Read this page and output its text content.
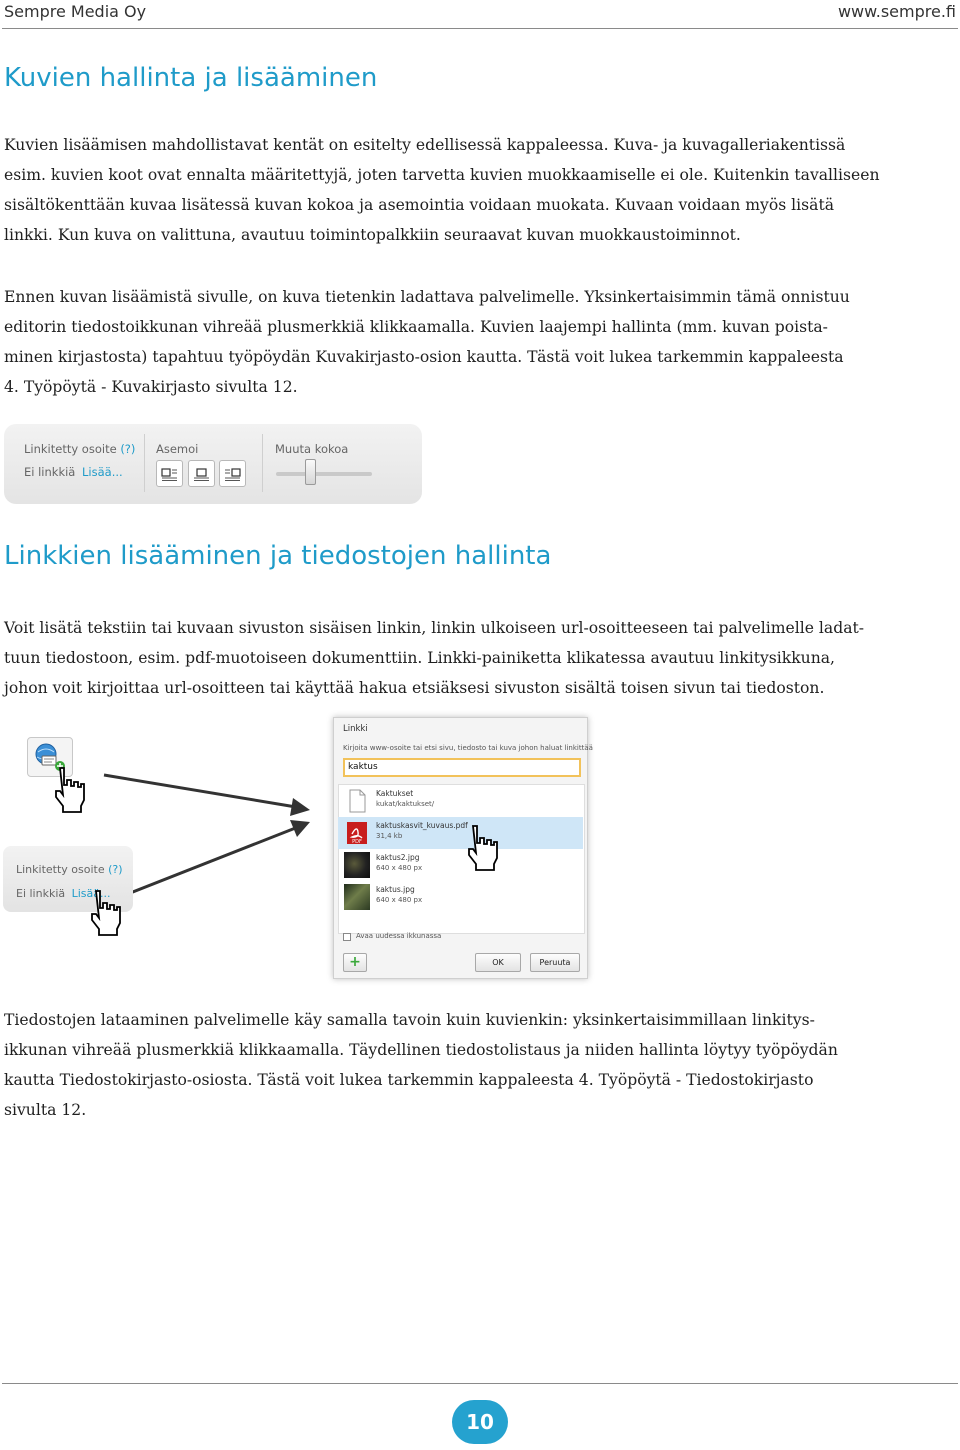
Sempre Media Oy	www.sempre.fi
Kuvien hallinta ja lisääminen
Kuvien lisäämisen mahdollistavat kentät on esitelty edellisessä kappaleessa. Kuva- ja kuvagalleriakentissä
esim. kuvien koot ovat ennalta määritettyjä, joten tarvetta kuvien muokkaamiselle ei ole. Kuitenkin tavalliseen
sisältökenttään kuvaa lisätessä kuvan kokoa ja asemointia voidaan muokata. Kuvaan voidaan myös lisätä
linkki. Kun kuva on valittuna, avautuu toimintopalkkiin seuraavat kuvan muokkaustoiminnot.
Ennen kuvan lisäämistä sivulle, on kuva tietenkin ladattava palvelimelle. Yksinkertaisimmin tämä onnistuu
editorin tiedostoikkunan vihreää plusmerkkiä klikkaamalla. Kuvien laajempi hallinta (mm. kuvan poista-
minen kirjastosta) tapahtuu työpöydän Kuvakirjasto-osion kautta. Tästä voit lukea tarkemmin kappaleesta
4. Työpöytä - Kuvakirjasto sivulta 12.
Linkitetty osoite (?)
Ei linkkiä Lisää...
Asemoi	Muuta kokoa
Linkkien lisääminen ja tiedostojen hallinta
Voit lisätä tekstiin tai kuvaan sivuston sisäisen linkin, linkin ulkoiseen url-osoitteeseen tai palvelimelle ladat-
tuun tiedostoon, esim. pdf-muotoiseen dokumenttiin. Linkki-painiketta klikatessa avautuu linkitysikkuna,
johon voit kirjoittaa url-osoitteen tai käyttää hakua etsiäksesi sivuston sisältä toisen sivun tai tiedoston.
Linkitetty osoite (?)
Ei linkkiä Lisää...
Linkki
Kirjoita www-osoite tai etsi sivu, tiedosto tai kuva johon haluat linkittää
kaktus
Kaktukset
kukat/kaktukset/
PDF
kaktuskasvit_kuvaus.pdf
31,4 kb
kaktus2.jpg
640 x 480 px
kaktus.jpg
640 x 480 px
Avaa uudessa ikkunassa
+	OK	Peruuta
Tiedostojen lataaminen palvelimelle käy samalla tavoin kuin kuvienkin: yksinkertaisimmillaan linkitys-
ikkunan vihreää plusmerkkiä klikkaamalla. Täydellinen tiedostolistaus ja niiden hallinta löytyy työpöydän
kautta Tiedostokirjasto-osiosta. Tästä voit lukea tarkemmin kappaleesta 4. Työpöytä - Tiedostokirjasto
sivulta 12.
10
